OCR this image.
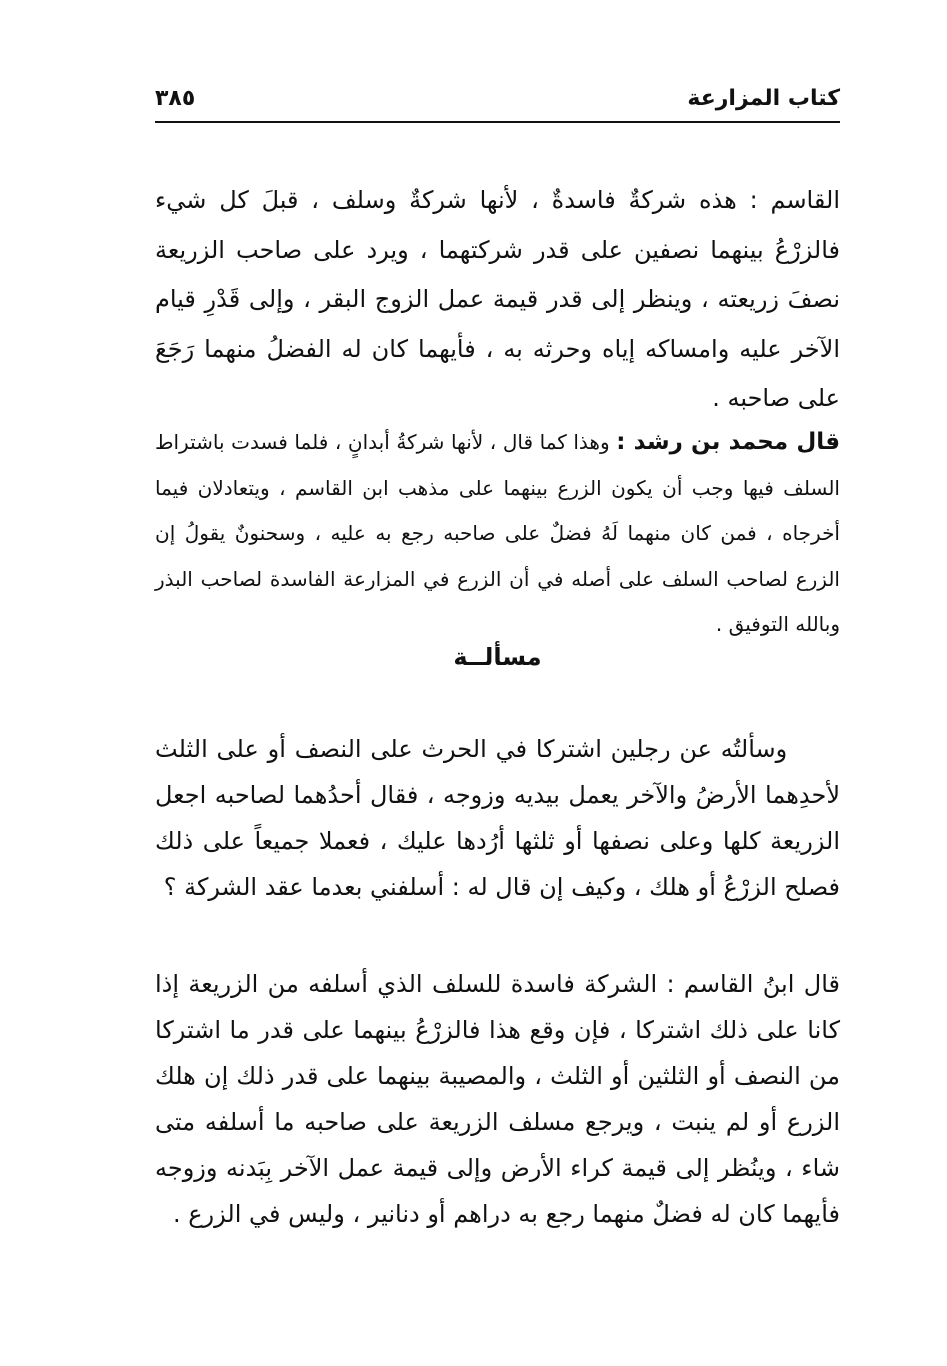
كتاب المزارعة
٣٨٥

القاسم : هذه شركةٌ فاسدةٌ ، لأنها شركةٌ وسلف ، قبلَ كل شيء فالزرْعُ بينهما نصفين على قدر شركتهما ، ويرد على صاحب الزريعة نصفَ زريعته ، وينظر إلى قدر قيمة عمل الزوج البقر ، وإلى قَدْرِ قيام الآخر عليه وامساكه إياه وحرثه به ، فأيهما كان له الفضلُ منهما رَجَعَ على صاحبه .

قال محمد بن رشد : وهذا كما قال ، لأنها شركةُ أبدانٍ ، فلما فسدت باشتراط السلف فيها وجب أن يكون الزرع بينهما على مذهب ابن القاسم ، ويتعادلان فيما أخرجاه ، فمن كان منهما لَهُ فضلٌ على صاحبه رجع به عليه ، وسحنونٌ يقولُ إن الزرع لصاحب السلف على أصله في أن الزرع في المزارعة الفاسدة لصاحب البذر وبالله التوفيق .

مسألــة

وسألتُه عن رجلين اشتركا في الحرث على النصف أو على الثلث لأحدِهما الأرضُ والآخر يعمل بيديه وزوجه ، فقال أحدُهما لصاحبه اجعل الزريعة كلها وعلى نصفها أو ثلثها أرُدها عليك ، فعملا جميعاً على ذلك فصلح الزرْعُ أو هلك ، وكيف إن قال له : أسلفني بعدما عقد الشركة ؟

قال ابنُ القاسم : الشركة فاسدة للسلف الذي أسلفه من الزريعة إذا كانا على ذلك اشتركا ، فإن وقع هذا فالزرْعُ بينهما على قدر ما اشتركا من النصف أو الثلثين أو الثلث ، والمصيبة بينهما على قدر ذلك إن هلك الزرع أو لم ينبت ، ويرجع مسلف الزريعة على صاحبه ما أسلفه متى شاء ، وينُظر إلى قيمة كراء الأرض وإلى قيمة عمل الآخر بِبَدنه وزوجه فأيهما كان له فضلٌ منهما رجع به دراهم أو دنانير ، وليس في الزرع .
